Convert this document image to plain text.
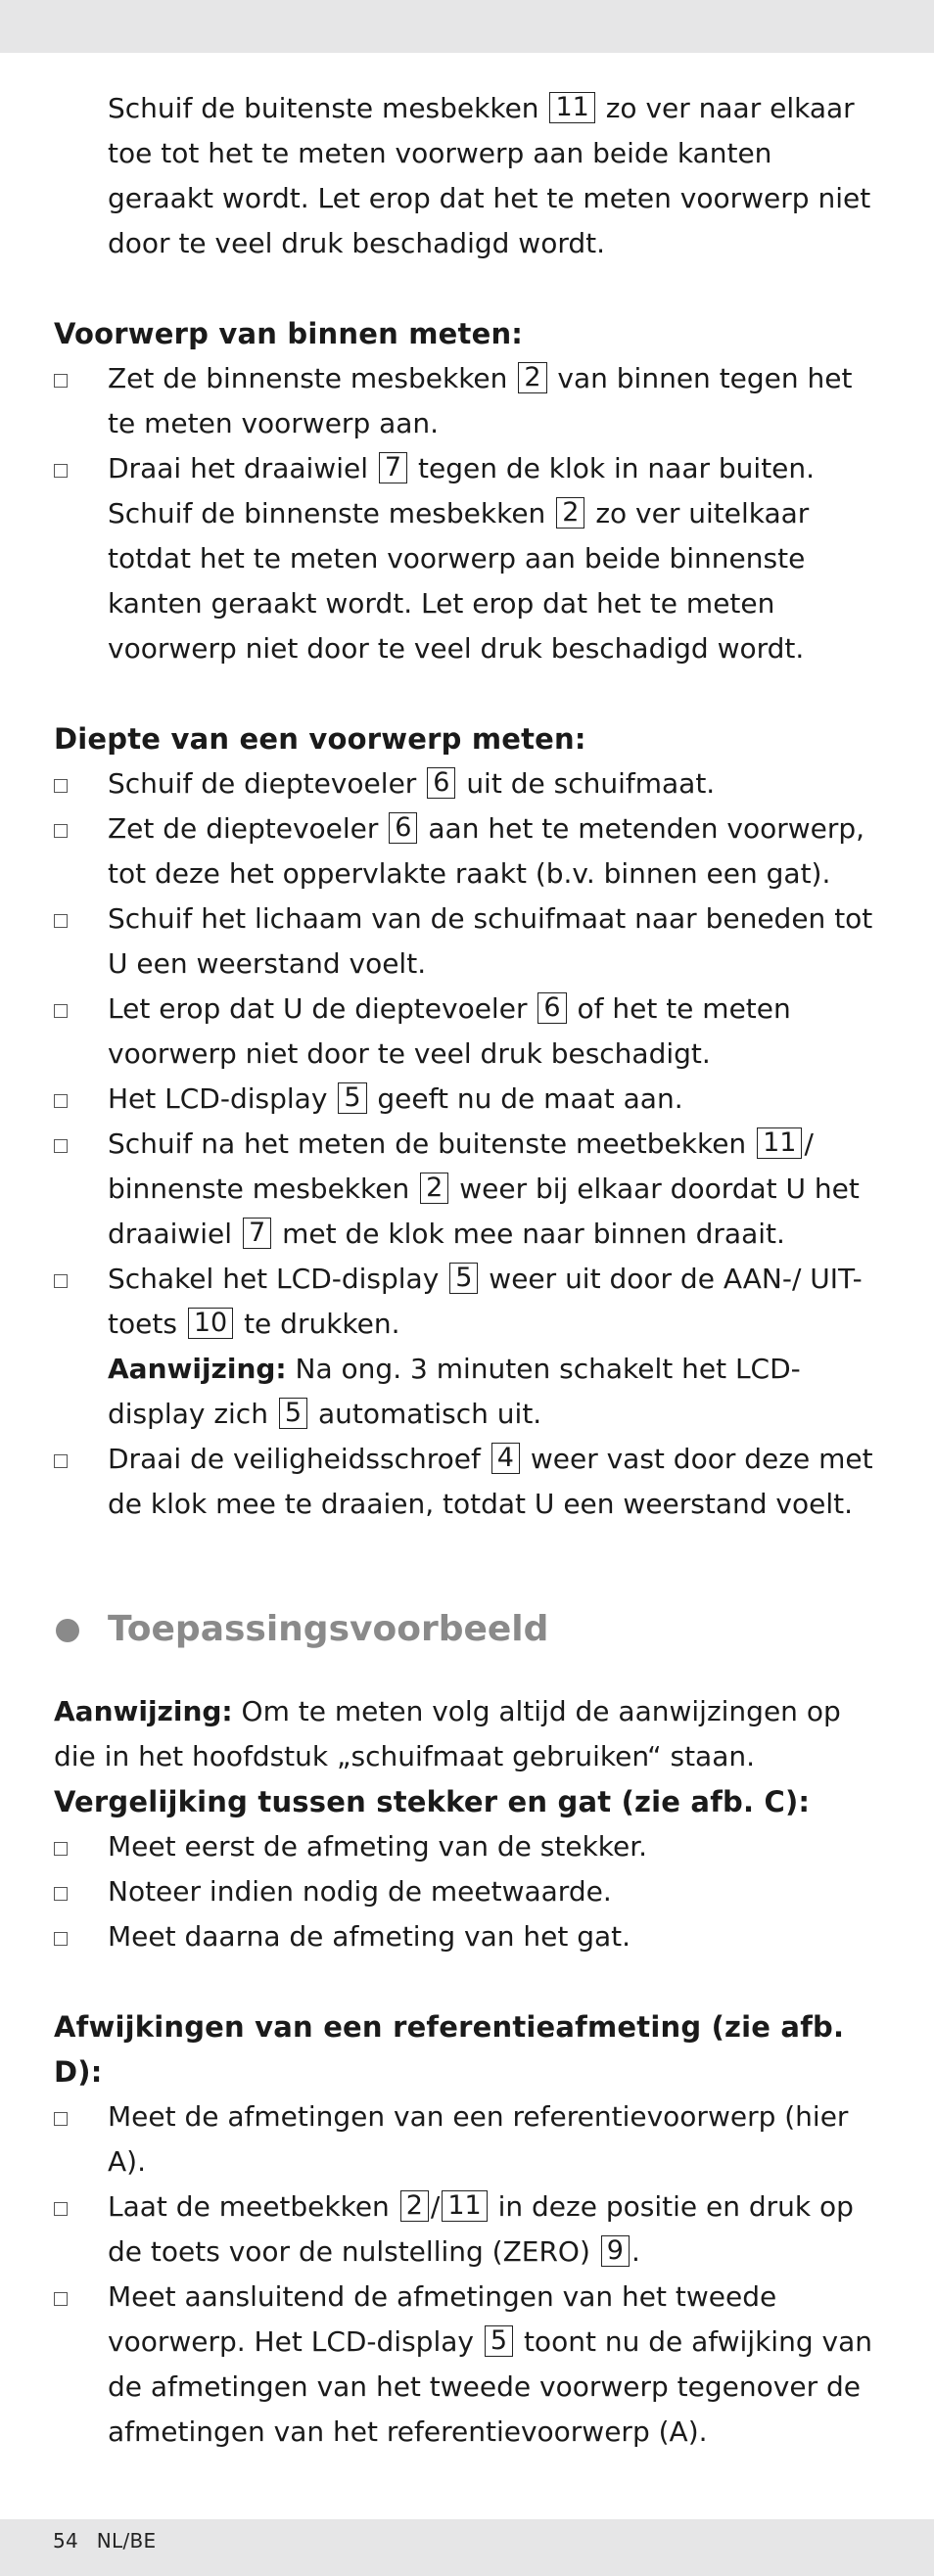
Schuif de buitenste mesbekken 11 zo ver naar elkaar toe tot het te meten voorwerp aan beide kanten geraakt wordt. Let erop dat het te meten voorwerp niet door te veel druk beschadigd wordt.

Voorwerp van binnen meten:
Zet de binnenste mesbekken 2 van binnen tegen het te meten voorwerp aan.
Draai het draaiwiel 7 tegen de klok in naar buiten. Schuif de binnenste mesbekken 2 zo ver uitelkaar totdat het te meten voorwerp aan beide binnenste kanten geraakt wordt. Let erop dat het te meten voorwerp niet door te veel druk beschadigd wordt.
Diepte van een voorwerp meten:
Schuif de dieptevoeler 6 uit de schuifmaat.
Zet de dieptevoeler 6 aan het te metenden voorwerp, tot deze het oppervlakte raakt (b.v. binnen een gat).
Schuif het lichaam van de schuifmaat naar beneden tot U een weerstand voelt.
Let erop dat U de dieptevoeler 6 of het te meten voorwerp niet door te veel druk beschadigt.
Het LCD-display 5 geeft nu de maat aan.
Schuif na het meten de buitenste meetbekken 11 / binnenste mesbekken 2 weer bij elkaar doordat U het draaiwiel 7 met de klok mee naar binnen draait.
Schakel het LCD-display 5 weer uit door de AAN-/ UIT-toets 10 te drukken.
Aanwijzing: Na ong. 3 minuten schakelt het LCD-display zich 5 automatisch uit.
Draai de veiligheidsschroef 4 weer vast door deze met de klok mee te draaien, totdat U een weerstand voelt.
Toepassingsvoorbeeld

Aanwijzing: Om te meten volg altijd de aanwijzingen op die in het hoofdstuk „schuifmaat gebruiken“ staan.

Vergelijking tussen stekker en gat (zie afb. C):
Meet eerst de afmeting van de stekker.
Noteer indien nodig de meetwaarde.
Meet daarna de afmeting van het gat.
Afwijkingen van een referentieafmeting (zie afb. D):
Meet de afmetingen van een referentievoorwerp (hier A).
Laat de meetbekken 2 / 11 in deze positie en druk op de toets voor de nulstelling (ZERO) 9 .
Meet aansluitend de afmetingen van het tweede voorwerp. Het LCD-display 5 toont nu de afwijking van de afmetingen van het tweede voorwerp tegenover de afmetingen van het referentievoorwerp (A).
54 NL/BE
